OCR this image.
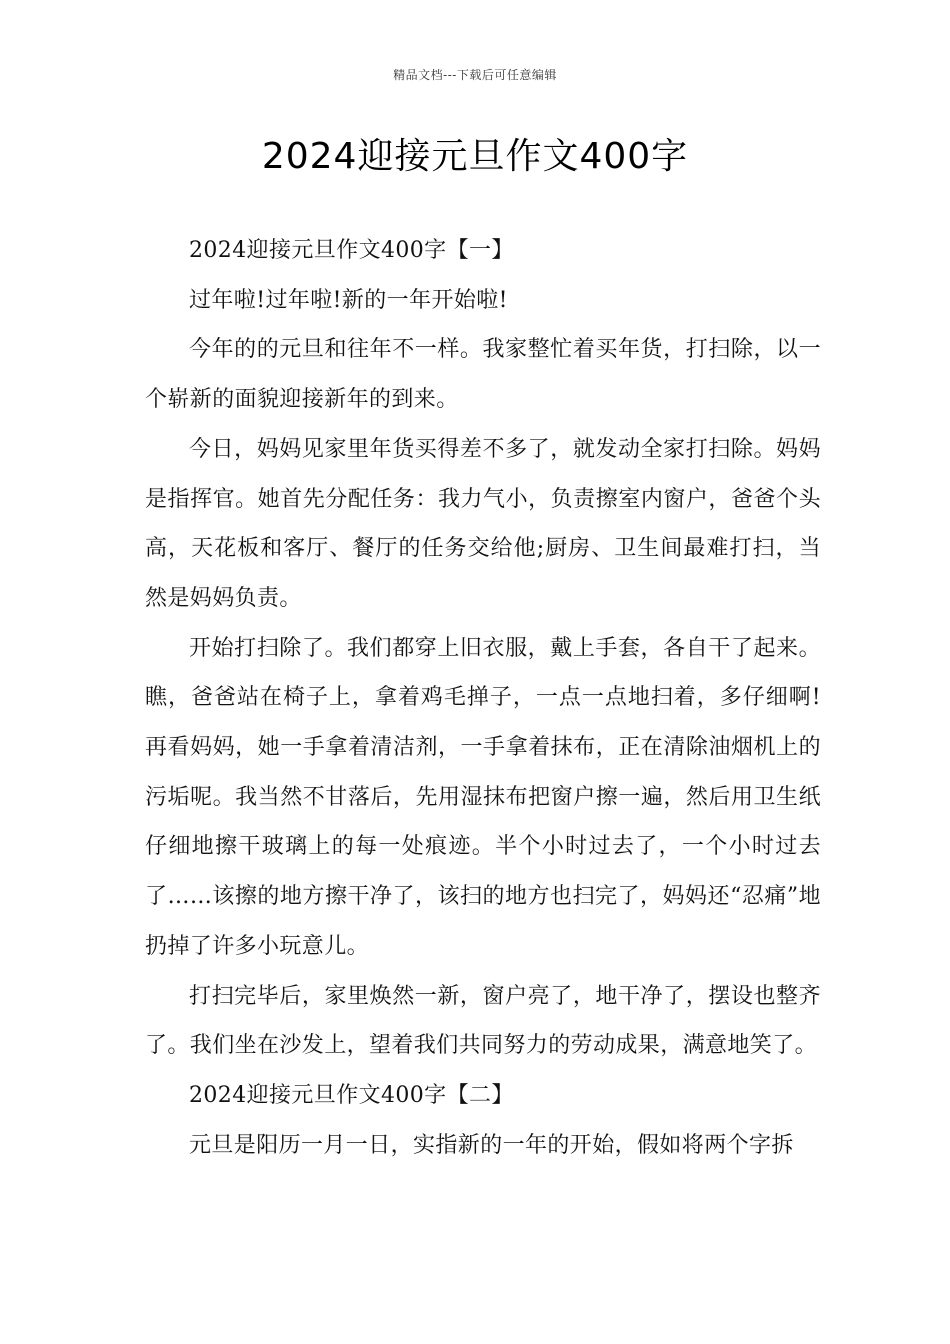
精品文档---下载后可任意编辑
2024迎接元旦作文400字

2024迎接元旦作文400字【一】

过年啦!过年啦!新的一年开始啦!

今年的的元旦和往年不一样。我家整忙着买年货，打扫除，以一个崭新的面貌迎接新年的到来。

今日，妈妈见家里年货买得差不多了，就发动全家打扫除。妈妈是指挥官。她首先分配任务：我力气小，负责擦室内窗户，爸爸个头高，天花板和客厅、餐厅的任务交给他;厨房、卫生间最难打扫，当然是妈妈负责。

开始打扫除了。我们都穿上旧衣服，戴上手套，各自干了起来。瞧，爸爸站在椅子上，拿着鸡毛掸子，一点一点地扫着，多仔细啊!再看妈妈，她一手拿着清洁剂，一手拿着抹布，正在清除油烟机上的污垢呢。我当然不甘落后，先用湿抹布把窗户擦一遍，然后用卫生纸仔细地擦干玻璃上的每一处痕迹。半个小时过去了，一个小时过去了……该擦的地方擦干净了，该扫的地方也扫完了，妈妈还“忍痛”地扔掉了许多小玩意儿。

打扫完毕后，家里焕然一新，窗户亮了，地干净了，摆设也整齐了。我们坐在沙发上，望着我们共同努力的劳动成果，满意地笑了。

2024迎接元旦作文400字【二】

元旦是阳历一月一日，实指新的一年的开始，假如将两个字拆
